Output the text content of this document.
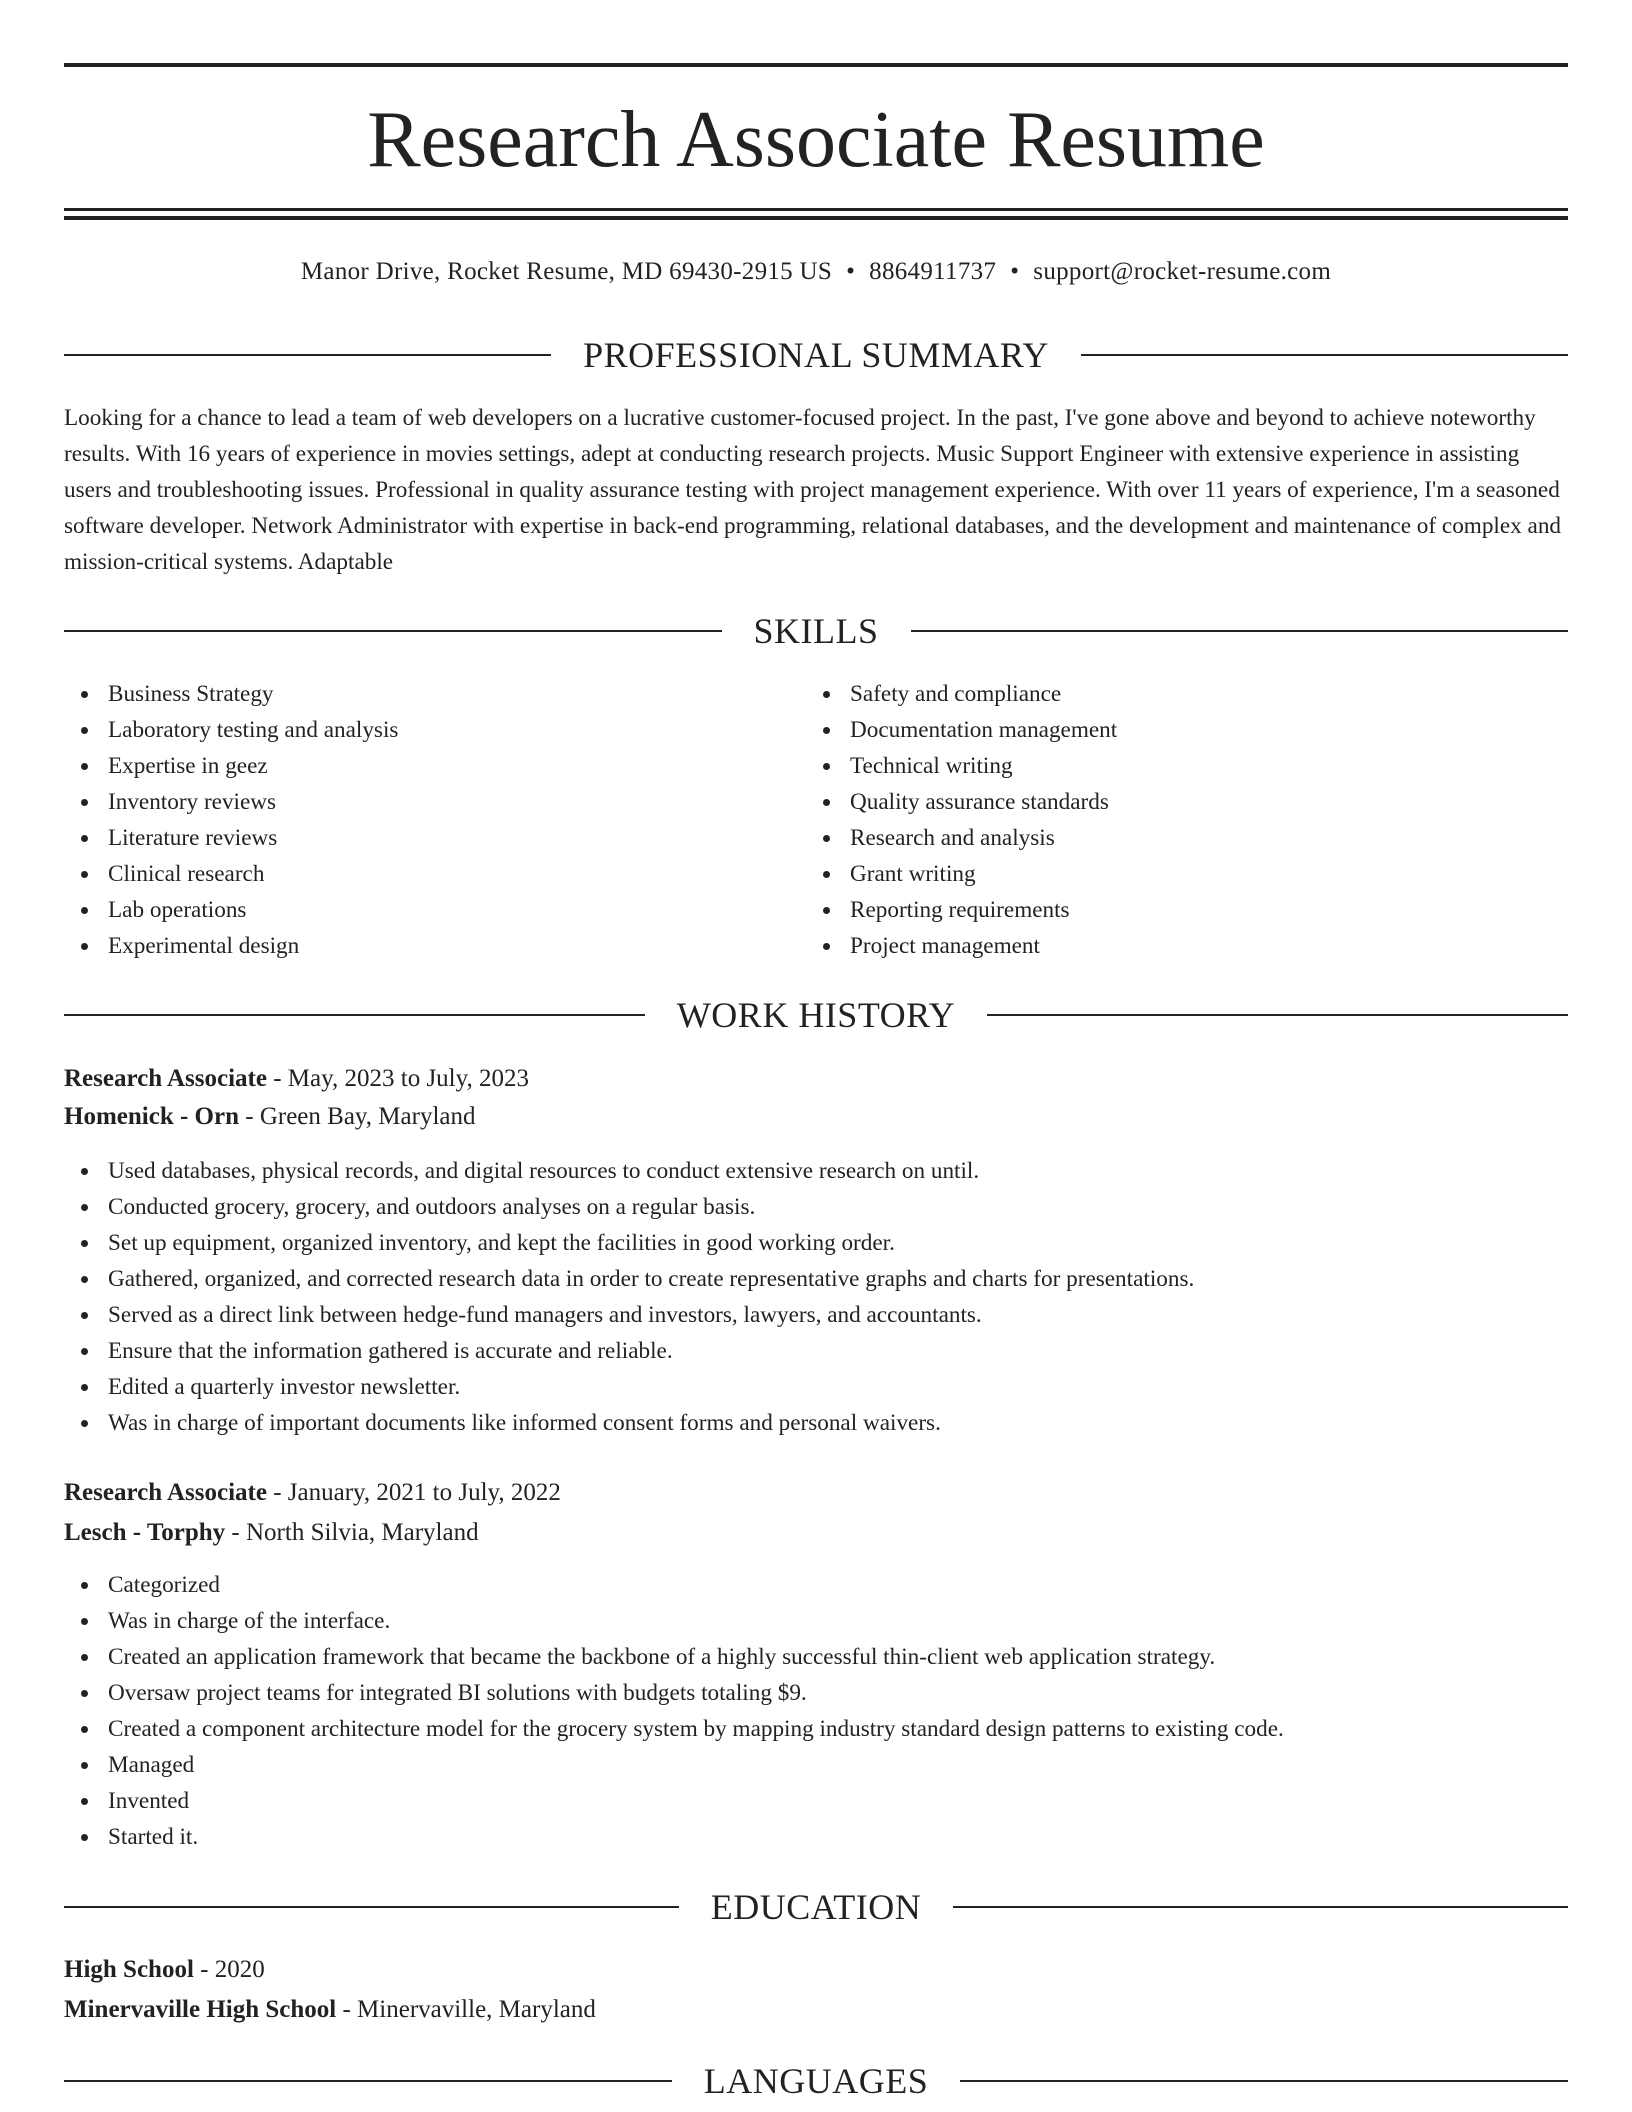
Research Associate Resume
Manor Drive, Rocket Resume, MD 69430-2915 US • 8864911737 • support@rocket-resume.com
PROFESSIONAL SUMMARY

Looking for a chance to lead a team of web developers on a lucrative customer-focused project. In the past, I've gone above and beyond to achieve noteworthy results. With 16 years of experience in movies settings, adept at conducting research projects. Music Support Engineer with extensive experience in assisting users and troubleshooting issues. Professional in quality assurance testing with project management experience. With over 11 years of experience, I'm a seasoned software developer. Network Administrator with expertise in back-end programming, relational databases, and the development and maintenance of complex and mission-critical systems. Adaptable

SKILLS
Business Strategy
Laboratory testing and analysis
Expertise in geez
Inventory reviews
Literature reviews
Clinical research
Lab operations
Experimental design
Safety and compliance
Documentation management
Technical writing
Quality assurance standards
Research and analysis
Grant writing
Reporting requirements
Project management
WORK HISTORY
Research Associate - May, 2023 to July, 2023
Homenick - Orn - Green Bay, Maryland
Used databases, physical records, and digital resources to conduct extensive research on until.
Conducted grocery, grocery, and outdoors analyses on a regular basis.
Set up equipment, organized inventory, and kept the facilities in good working order.
Gathered, organized, and corrected research data in order to create representative graphs and charts for presentations.
Served as a direct link between hedge-fund managers and investors, lawyers, and accountants.
Ensure that the information gathered is accurate and reliable.
Edited a quarterly investor newsletter.
Was in charge of important documents like informed consent forms and personal waivers.
Research Associate - January, 2021 to July, 2022
Lesch - Torphy - North Silvia, Maryland
Categorized
Was in charge of the interface.
Created an application framework that became the backbone of a highly successful thin-client web application strategy.
Oversaw project teams for integrated BI solutions with budgets totaling $9.
Created a component architecture model for the grocery system by mapping industry standard design patterns to existing code.
Managed
Invented
Started it.
EDUCATION
High School - 2020
Minervaville High School - Minervaville, Maryland
LANGUAGES
